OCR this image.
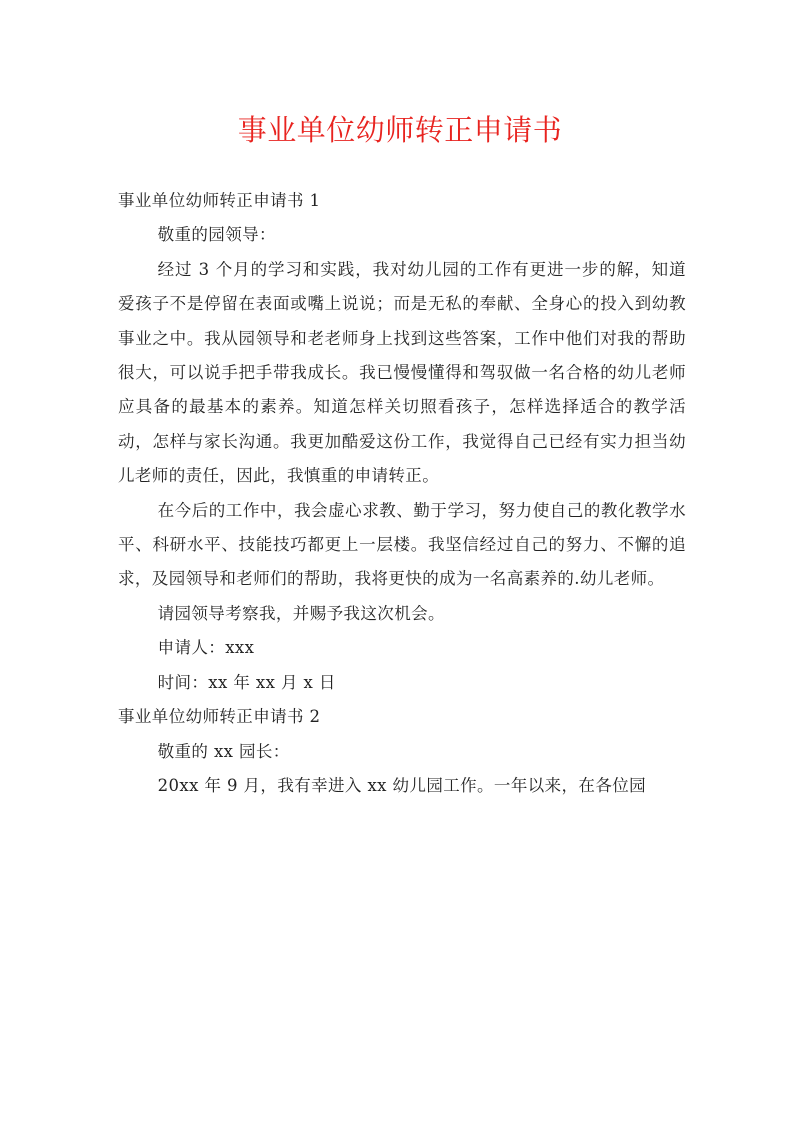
事业单位幼师转正申请书

事业单位幼师转正申请书 1

敬重的园领导：

经过 3 个月的学习和实践，我对幼儿园的工作有更进一步的解，知道爱孩子不是停留在表面或嘴上说说；而是无私的奉献、全身心的投入到幼教事业之中。我从园领导和老老师身上找到这些答案，工作中他们对我的帮助很大，可以说手把手带我成长。我已慢慢懂得和驾驭做一名合格的幼儿老师应具备的最基本的素养。知道怎样关切照看孩子，怎样选择适合的教学活动，怎样与家长沟通。我更加酷爱这份工作，我觉得自己已经有实力担当幼儿老师的责任，因此，我慎重的申请转正。

在今后的工作中，我会虚心求教、勤于学习，努力使自己的教化教学水平、科研水平、技能技巧都更上一层楼。我坚信经过自己的努力、不懈的追求，及园领导和老师们的帮助，我将更快的成为一名高素养的.幼儿老师。

请园领导考察我，并赐予我这次机会。

申请人：xxx

时间：xx 年 xx 月 x 日

事业单位幼师转正申请书 2

敬重的 xx 园长：

20xx 年 9 月，我有幸进入 xx 幼儿园工作。一年以来，在各位园
